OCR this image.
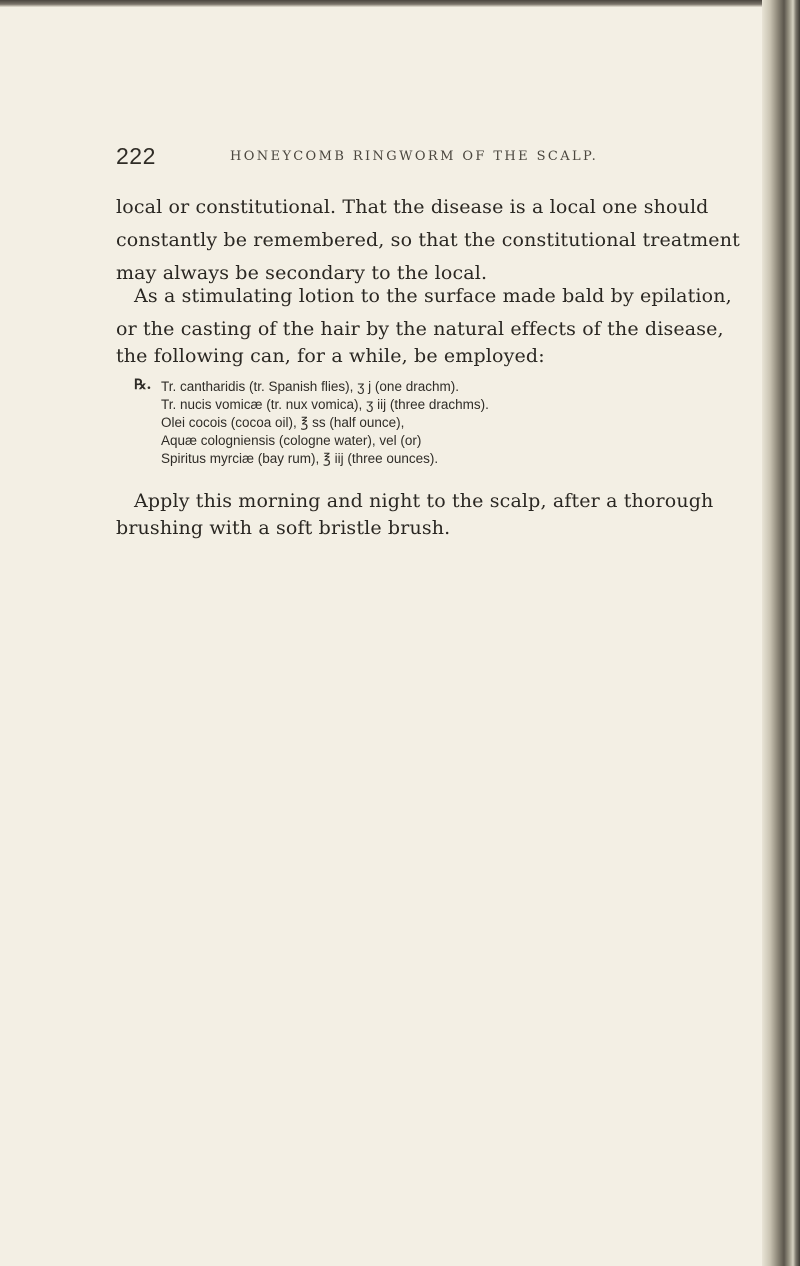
222	HONEYCOMB RINGWORM OF THE SCALP.
local or constitutional. That the disease is a local one should
constantly be remembered, so that the constitutional treatment
may always be secondary to the local.
As a stimulating lotion to the surface made bald by epilation,
or the casting of the hair by the natural effects of the disease,
the following can, for a while, be employed:
℞. Tr. cantharidis (tr. Spanish flies), ʒ j (one drachm).
Tr. nucis vomicæ (tr. nux vomica), ʒ iij (three drachms).
Olei cocois (cocoa oil), ℥ ss (half ounce),
Aquæ cologniensis (cologne water), vel (or)
Spiritus myrciæ (bay rum), ℥ iij (three ounces).
Apply this morning and night to the scalp, after a thorough
brushing with a soft bristle brush.
